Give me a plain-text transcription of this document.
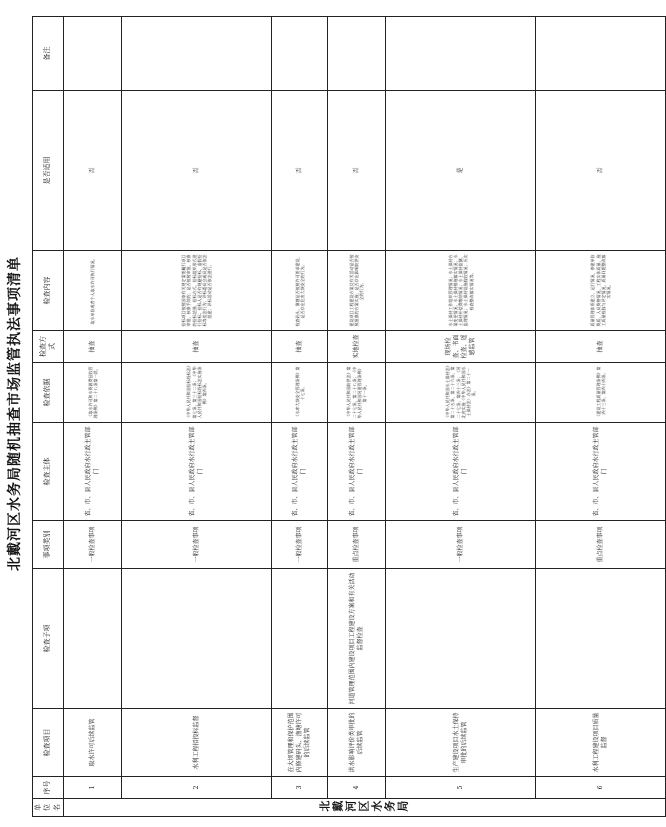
北戴河区水务局随机抽查市场监管执法事项清单
单位名	序号	检查项目	检查子项	事项类别	检查主体	检查依据	检查方式	检查内容	是否适用	备注
北戴河区水务局	1	取水许可后续监管		一般检查事项	省、市、县人民政府水行政主管部门	《取水许可和水资源费征收管理条例》第二十八条第一款。	抽查	取水单位或者个人取水许可执行情况。	否	
	2	水利工程招投标监督		一般检查事项	省、市、县人民政府水行政主管部门	《中华人民共和国招标投标法》第七条、第三十二条；《中华人民共和国招标投标法实施条例》第四条。	抽查	招标项目按照国家有关规定需要履行项目审批、核准手续的，是否按照审批、核准的招标范围、招标方式、招标组织形式进行招标；招标人是否有规避招标、虚假招标等违法行为；评标委员会成员是否依法组建；评标活动是否依法进行。	否	
	3	在大坝管理和保护范围内修建码头、渔塘许可的后续监管		一般检查事项	省、市、县人民政府水行政主管部门	《水库大坝安全管理条例》第十七条。	抽查	检查码头、渔塘是否按照许可要求建设，是否存在危害大坝安全的行为。	否	
	4	洪水影响评价类审批的后续监管	河道管理范围内建设项目工程建设方案和有关活动监督检查	重点检查事项	省、市、县人民政府水行政主管部门	《中华人民共和国防洪法》第二十七条、第二十八条；《中华人民共和国河道管理条例》第十一条。	实地检查	建设项目工程建设方案及有关活动是否按照批准的方案实施，是否存在影响防洪安全的行为。	否	
	5	生产建设项目水土保持审批的后续监管		一般检查事项	省、市、县人民政府水行政主管部门	《中华人民共和国水土保持法》第二十五条、第二十六条、第二十七条、第四十三条；《河北省实施〈中华人民共和国水土保持法〉办法》第二十一条。	现场检查、书面检查、遥感监管	水土保持工作组织管理情况；水土保持方案变更情况；水土保持措施落实情况；水土保持补偿费缴纳情况；水土保持监测、监理情况；水土保持设施验收情况；历次检查整改落实情况等。	是	
	6	水利工程建设项目质量监督		重点检查事项	省、市、县人民政府水行政主管部门	《建设工程质量管理条例》第四十三条、第四十四条。	抽查	质量管理体系建立、运行情况，参建单位资质、人员资格情况，工程实体质量、施工质量检验与评定情况，质量问题整改落实情况。	否	
